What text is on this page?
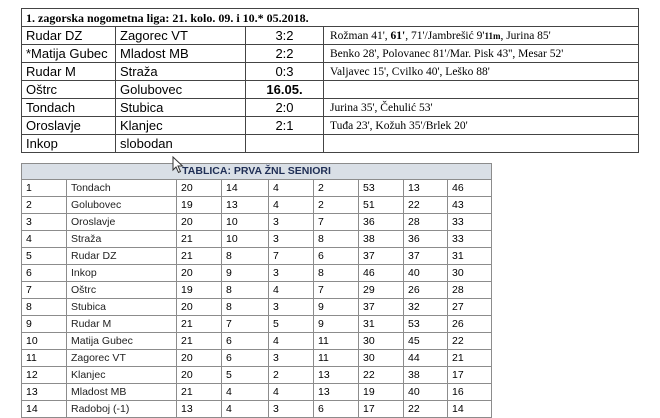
1. zagorska nogometna liga: 21. kolo. 09. i 10.* 05.2018.			
Rudar DZ	Zagorec VT	3:2	Rožman 41', 61', 71'/Jambrešić 9'11m, Jurina 85'
*Matija Gubec	Mladost MB	2:2	Benko 28', Polovanec 81'/Mar. Pisk 43'', Mesar 52'
Rudar M	Straža	0:3	Valjavec 15', Cvilko 40', Leško 88'
Oštrc	Golubovec	16.05.	
Tondach	Stubica	2:0	Jurina 35', Čehulić 53'
Oroslavje	Klanjec	2:1	Tuđa 23', Kožuh 35'/Brlek 20'
Inkop	slobodan		
TABLICA: PRVA ŽNL SENIORI								
1	Tondach	20	14	4	2	53	13	46
2	Golubovec	19	13	4	2	51	22	43
3	Oroslavje	20	10	3	7	36	28	33
4	Straža	21	10	3	8	38	36	33
5	Rudar DZ	21	8	7	6	37	37	31
6	Inkop	20	9	3	8	46	40	30
7	Oštrc	19	8	4	7	29	26	28
8	Stubica	20	8	3	9	37	32	27
9	Rudar M	21	7	5	9	31	53	26
10	Matija Gubec	21	6	4	11	30	45	22
11	Zagorec VT	20	6	3	11	30	44	21
12	Klanjec	20	5	2	13	22	38	17
13	Mladost MB	21	4	4	13	19	40	16
14	Radoboj (-1)	13	4	3	6	17	22	14
